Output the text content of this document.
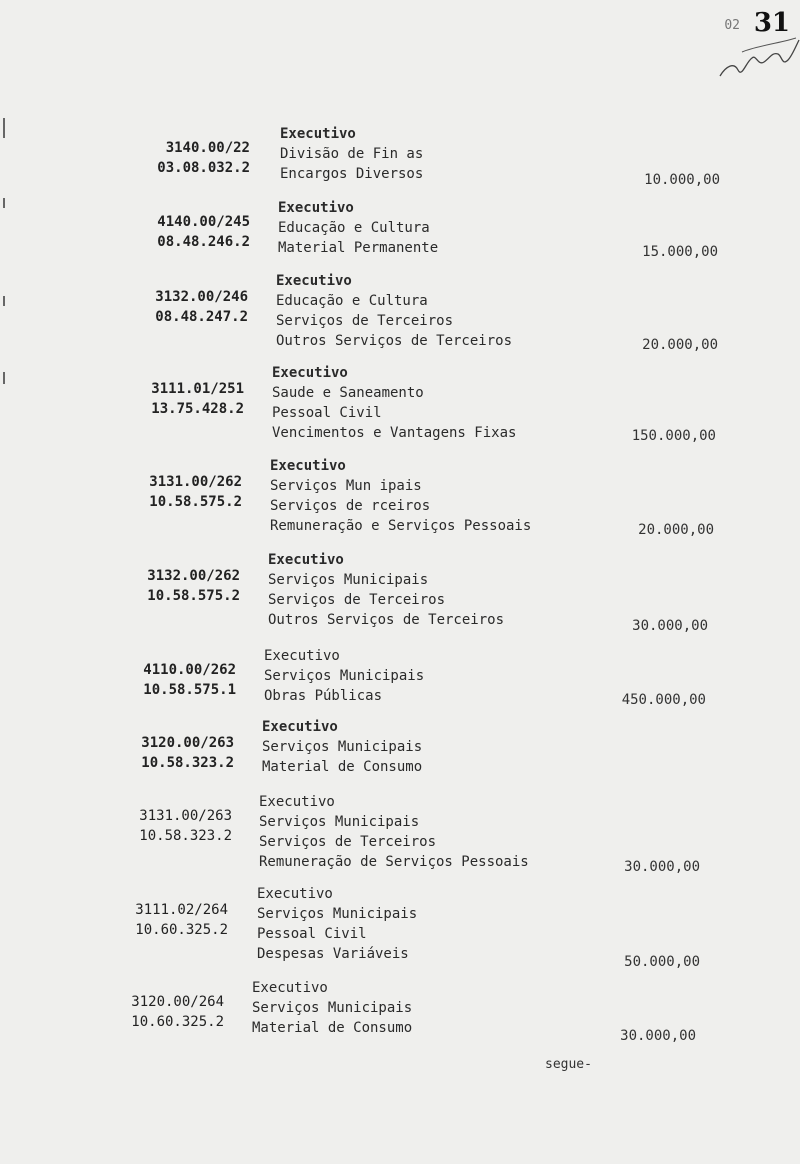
02 31
3140.00/22
03.08.032.2
Executivo
Divisão de Fin as
Encargos Diversos	10.000,00
4140.00/245
08.48.246.2
Executivo
Educação e Cultura
Material Permanente	15.000,00
3132.00/246
08.48.247.2
Executivo
Educação e Cultura
Serviços de Terceiros
Outros Serviços de Terceiros	20.000,00
3111.01/251
13.75.428.2
Executivo
Saude e Saneamento
Pessoal Civil
Vencimentos e Vantagens Fixas	150.000,00
3131.00/262
10.58.575.2
Executivo
Serviços Mun ipais
Serviços de rceiros
Remuneração e Serviços Pessoais	20.000,00
3132.00/262
10.58.575.2
Executivo
Serviços Municipais
Serviços de Terceiros
Outros Serviços de Terceiros	30.000,00
4110.00/262
10.58.575.1
Executivo
Serviços Municipais
Obras Públicas	450.000,00
3120.00/263
10.58.323.2
Executivo
Serviços Municipais
Material de Consumo
3131.00/263
10.58.323.2
Executivo
Serviços Municipais
Serviços de Terceiros
Remuneração de Serviços Pessoais	30.000,00
3111.02/264
10.60.325.2
Executivo
Serviços Municipais
Pessoal Civil
Despesas Variáveis	50.000,00
3120.00/264
10.60.325.2
Executivo
Serviços Municipais
Material de Consumo	30.000,00
segue-
